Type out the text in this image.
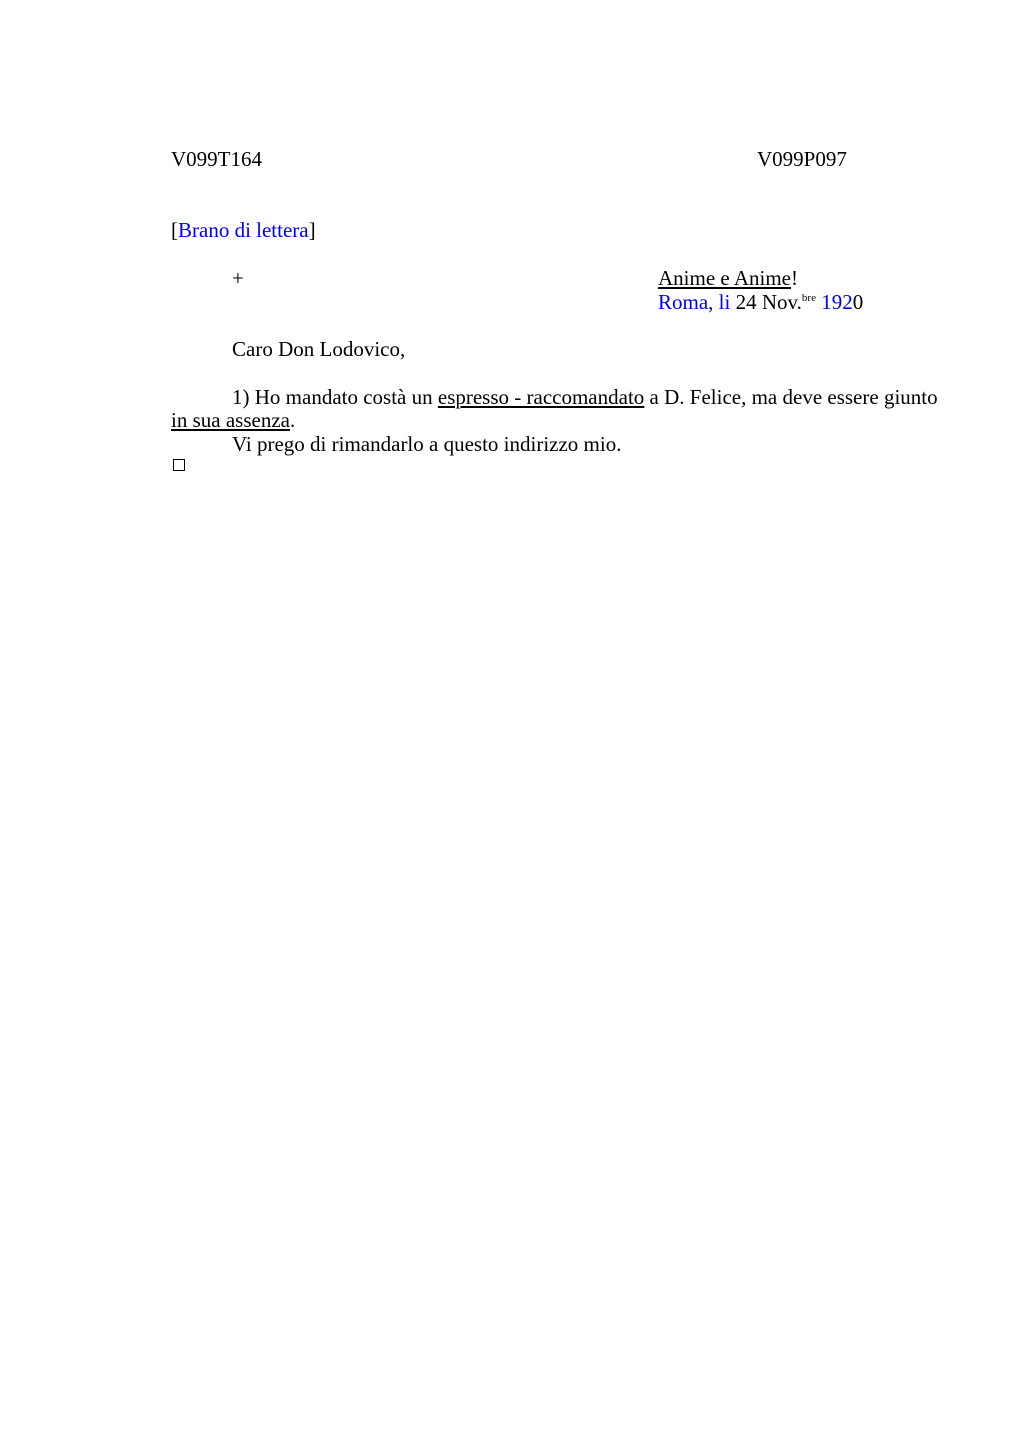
V099T164	V099P097
[Brano di lettera]
+	Anime e Anime!
Roma, li 24 Nov.$^{bre}$ 1920
Caro Don Lodovico,
1) Ho mandato costà un espresso - raccomandato a D. Felice, ma deve essere giunto
in sua assenza.
Vi prego di rimandarlo a questo indirizzo mio.
